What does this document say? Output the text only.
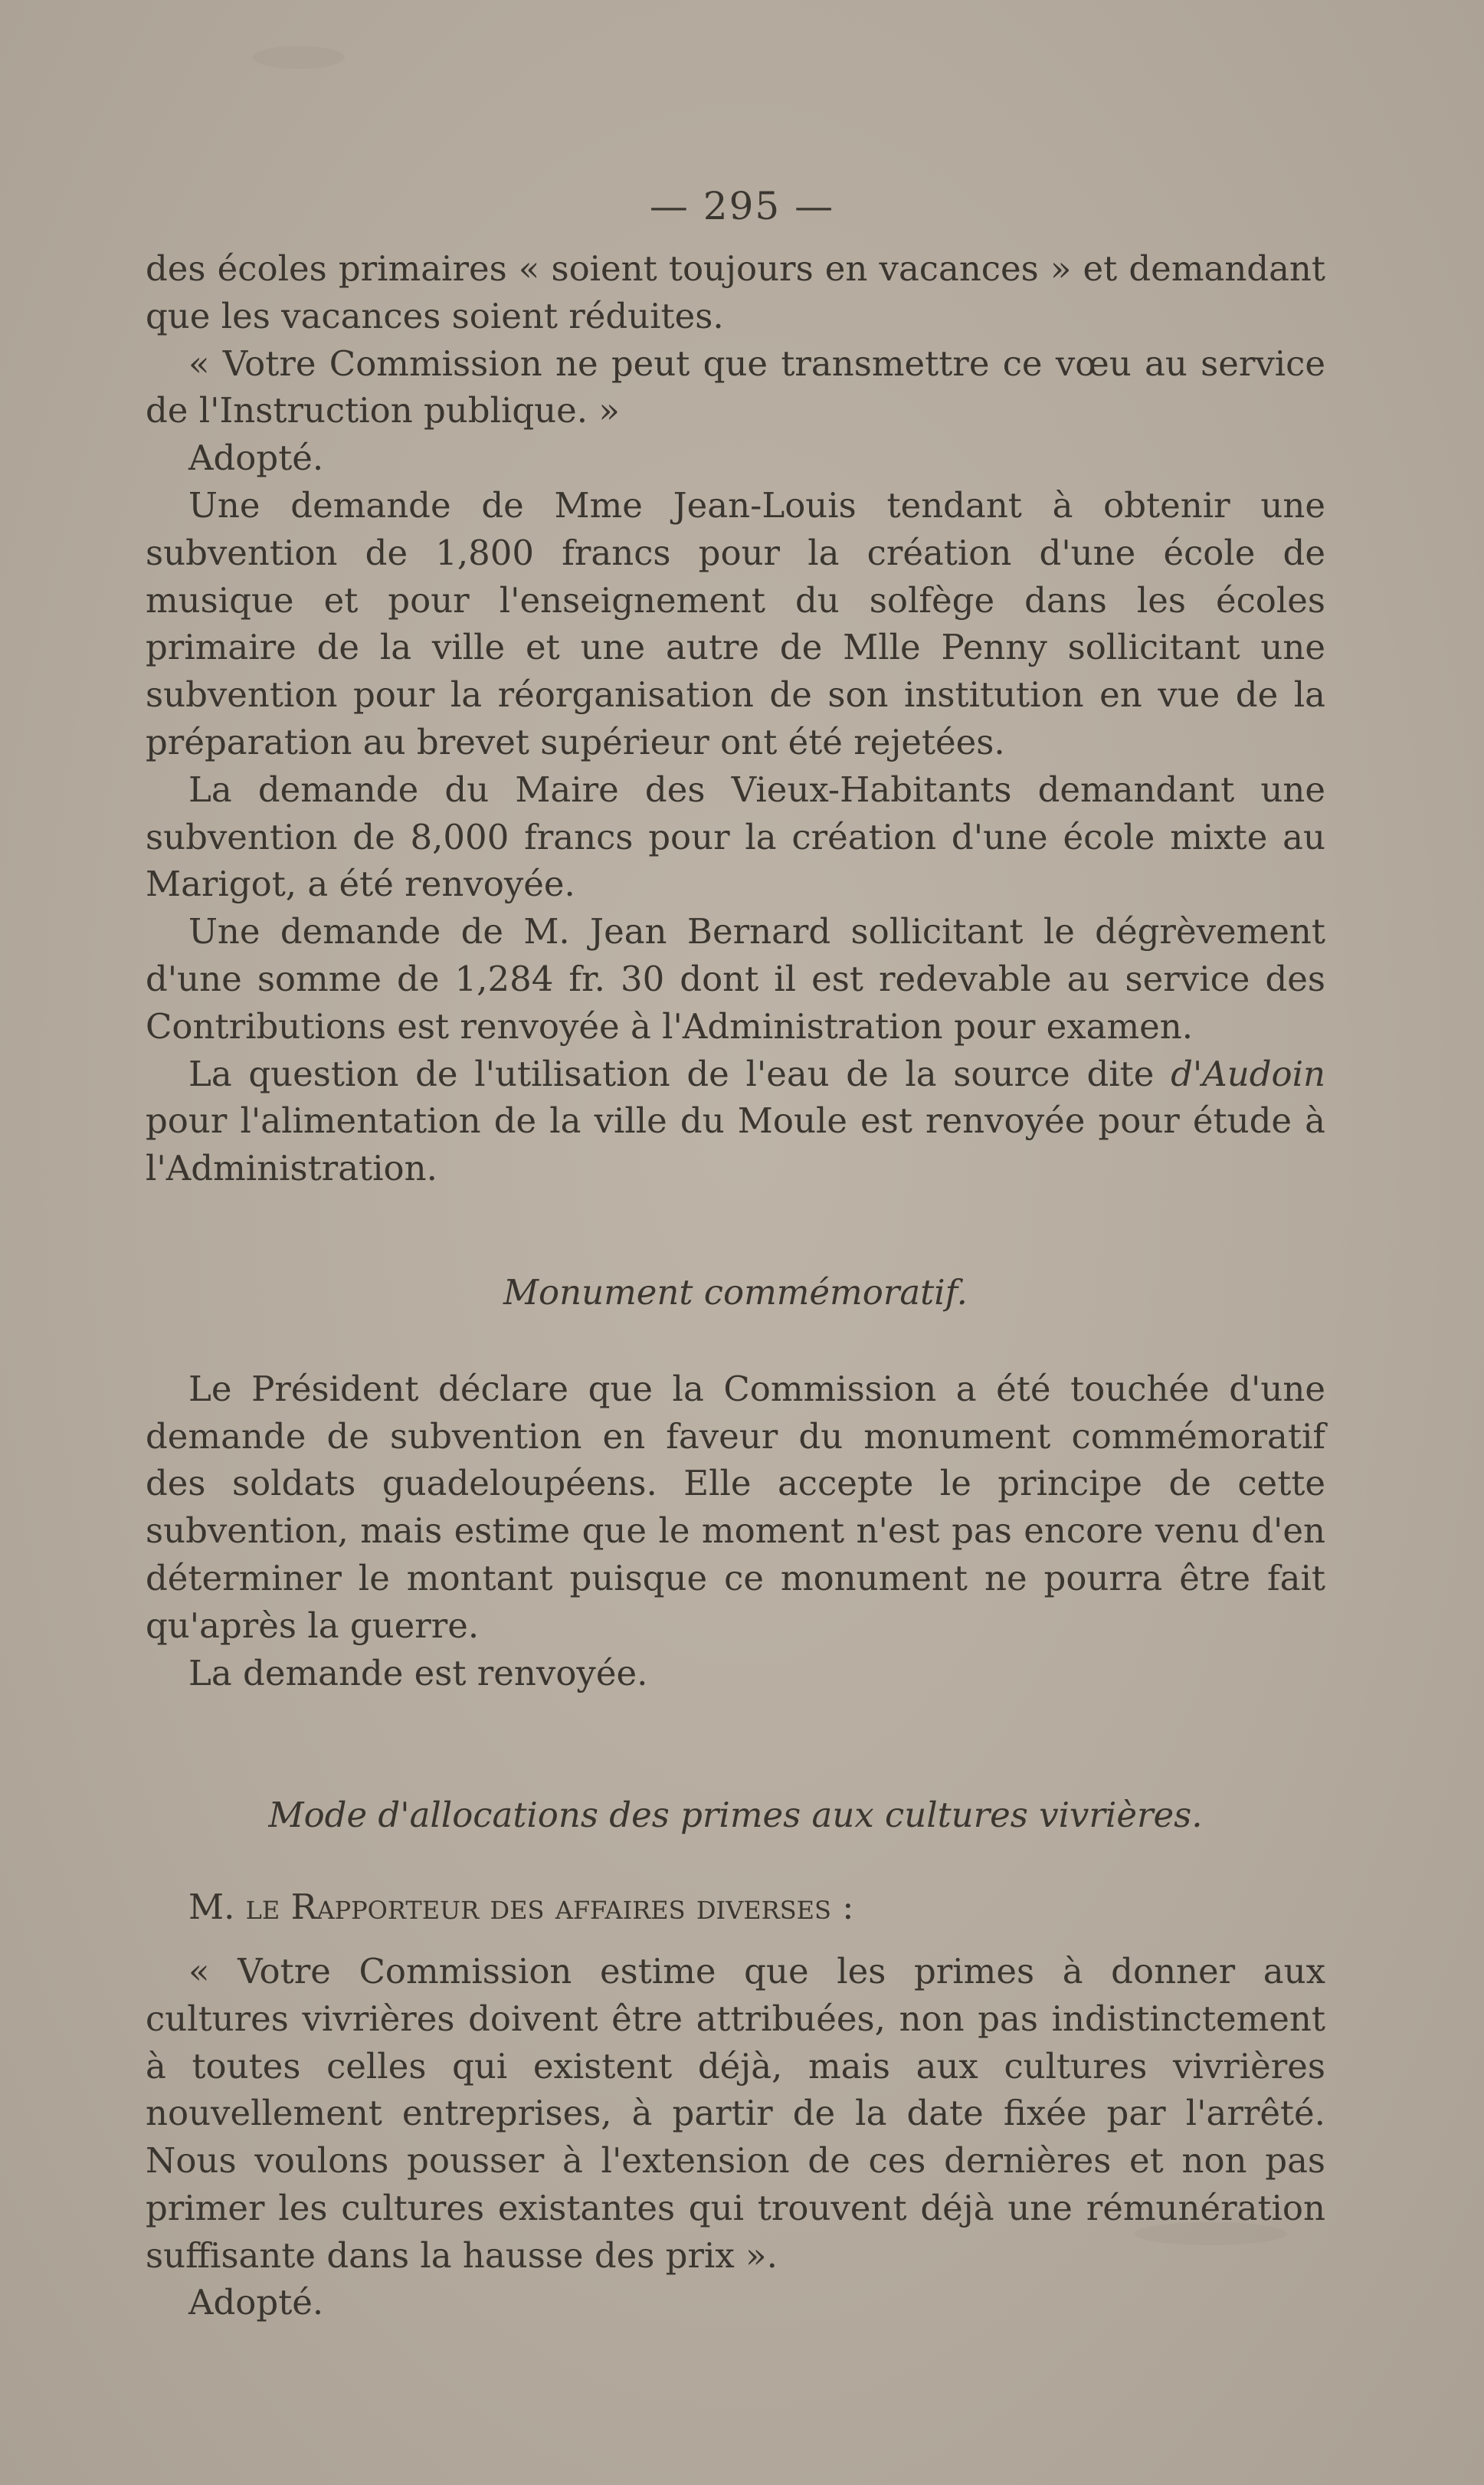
— 295 —

des écoles primaires « soient toujours en vacances » et demandant que les vacances soient réduites.

« Votre Commission ne peut que transmettre ce vœu au service de l'Instruction publique. »

Adopté.

Une demande de Mme Jean-Louis tendant à obtenir une subvention de 1,800 francs pour la création d'une école de musique et pour l'enseignement du solfège dans les écoles primaire de la ville et une autre de Mlle Penny sollicitant une subvention pour la réorganisation de son institution en vue de la préparation au brevet supérieur ont été rejetées.

La demande du Maire des Vieux-Habitants demandant une subvention de 8,000 francs pour la création d'une école mixte au Marigot, a été renvoyée.

Une demande de M. Jean Bernard sollicitant le dégrèvement d'une somme de 1,284 fr. 30 dont il est redevable au service des Contributions est renvoyée à l'Administration pour examen.

La question de l'utilisation de l'eau de la source dite d'Audoin pour l'alimentation de la ville du Moule est renvoyée pour étude à l'Administration.

Monument commémoratif.

Le Président déclare que la Commission a été touchée d'une demande de subvention en faveur du monument commémoratif des soldats guadeloupéens. Elle accepte le principe de cette subvention, mais estime que le moment n'est pas encore venu d'en déterminer le montant puisque ce monument ne pourra être fait qu'après la guerre.

La demande est renvoyée.

Mode d'allocations des primes aux cultures vivrières.

M. le Rapporteur des affaires diverses :

« Votre Commission estime que les primes à donner aux cultures vivrières doivent être attribuées, non pas indistinctement à toutes celles qui existent déjà, mais aux cultures vivrières nouvellement entreprises, à partir de la date fixée par l'arrêté. Nous voulons pousser à l'extension de ces dernières et non pas primer les cultures existantes qui trouvent déjà une rémunération suffisante dans la hausse des prix ».

Adopté.
